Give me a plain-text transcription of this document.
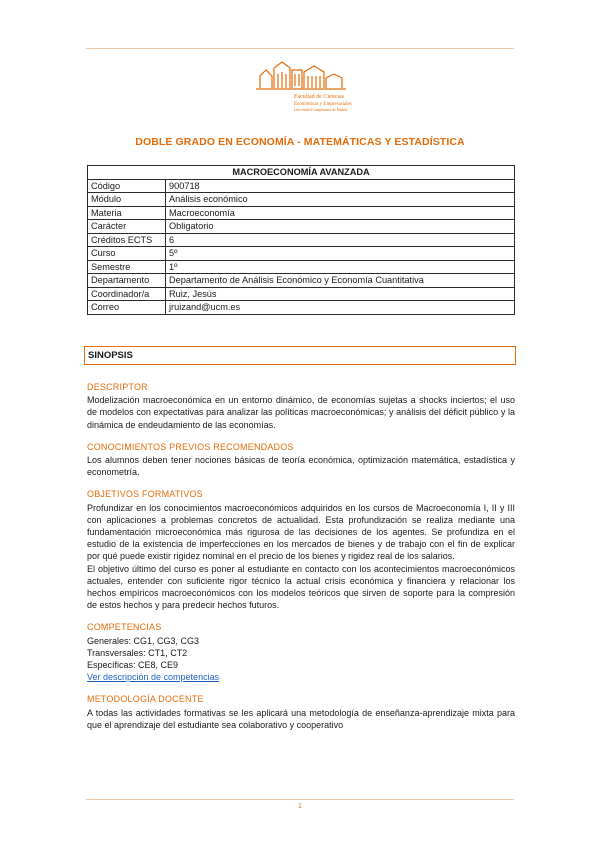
Facultad de Ciencias
Económicas y Empresariales
Universidad Complutense de Madrid
DOBLE GRADO EN ECONOMÍA - MATEMÁTICAS Y ESTADÍSTICA
MACROECONOMÍA AVANZADA	
Código	900718
Módulo	Análisis económico
Materia	Macroeconomía
Carácter	Obligatorio
Créditos ECTS	6
Curso	5º
Semestre	1º
Departamento	Departamento de Análisis Económico y Economía Cuantitativa
Coordinador/a	Ruiz, Jesús
Correo	jruizand@ucm.es
SINOPSIS
DESCRIPTOR
Modelización macroeconómica en un entorno dinámico, de economías sujetas a shocks inciertos; el uso de modelos con expectativas para analizar las políticas macroeconómicas; y análisis del déficit público y la dinámica de endeudamiento de las economías.
CONOCIMIENTOS PREVIOS RECOMENDADOS
Los alumnos deben tener nociones básicas de teoría económica, optimización matemática, estadística y econometría.
OBJETIVOS FORMATIVOS
Profundizar en los conocimientos macroeconómicos adquiridos en los cursos de Macroeconomía I, II y III con aplicaciones a problemas concretos de actualidad. Esta profundización se realiza mediante una fundamentación microeconómica más rigurosa de las decisiones de los agentes. Se profundiza en el estudio de la existencia de imperfecciones en los mercados de bienes y de trabajo con el fin de explicar por qué puede existir rigidez nominal en el precio de los bienes y rigidez real de los salarios.
El objetivo último del curso es poner al estudiante en contacto con los acontecimientos macroeconómicos actuales, entender con suficiente rigor técnico la actual crisis económica y financiera y relacionar los hechos empíricos macroeconómicos con los modelos teóricos que sirven de soporte para la compresión de estos hechos y para predecir hechos futuros.
COMPETENCIAS
Generales: CG1, CG3, CG3
Transversales: CT1, CT2
Específicas: CE8, CE9
Ver descripción de competencias
METODOLOGÍA DOCENTE
A todas las actividades formativas se les aplicará una metodología de enseñanza-aprendizaje mixta para que el aprendizaje del estudiante sea colaborativo y cooperativo
1
